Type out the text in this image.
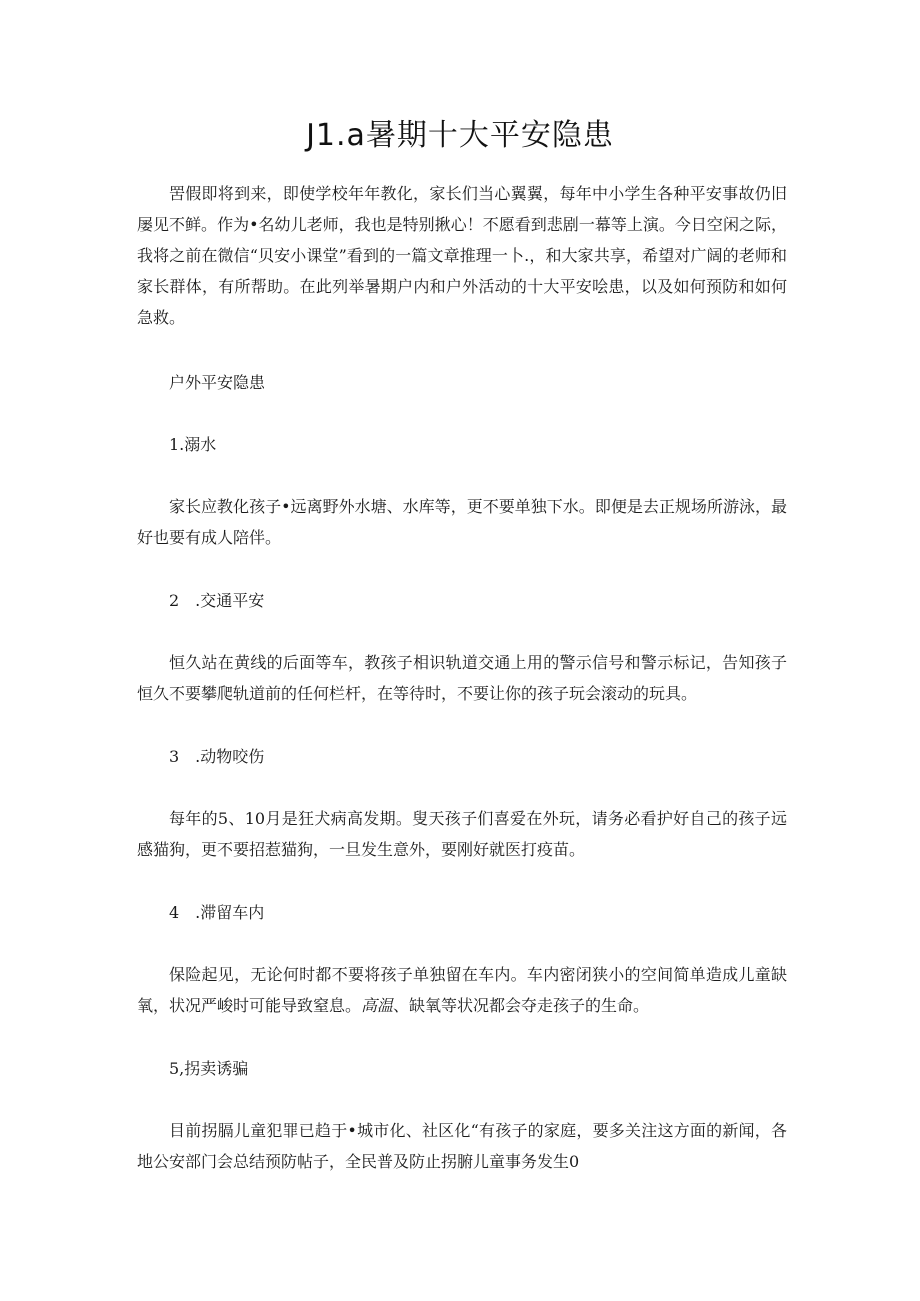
J1.a暑期十大平安隐患

罟假即将到来，即使学校年年教化，家长们当心翼翼，每年中小学生各种平安事故仍旧屡见不鲜。作为•名幼儿老师，我也是特别揪心！不愿看到悲剧一幕等上演。今日空闲之际，我将之前在微信“贝安小课堂”看到的一篇文章推理一卜.，和大家共享，希望对广阔的老师和家长群体，有所帮助。在此列举暑期户内和户外活动的十大平安哙患，以及如何预防和如何急救。

户外平安隐患

1.溺水

家长应教化孩子•远离野外水塘、水库等，更不要单独下水。即便是去正规场所游泳，最好也要有成人陪伴。

2　.交通平安

恒久站在黄线的后面等车，教孩子相识轨道交通上用的警示信号和警示标记，告知孩子恒久不要攀爬轨道前的任何栏杆，在等待时，不要让你的孩子玩会滚动的玩具。

3　.动物咬伤

每年的5、10月是狂犬病高发期。叟天孩子们喜爱在外玩，请务必看护好自己的孩子远感猫狗，更不要招惹猫狗，一旦发生意外，要刚好就医打疫苗。

4　.滞留车内

保险起见，无论何时都不要将孩子单独留在车内。车内密闭狭小的空间简单造成儿童缺氧，状况严峻时可能导致窒息。高温、缺氧等状况都会夺走孩子的生命。

5,拐卖诱骗

目前拐膈儿童犯罪已趋于•城市化、社区化“有孩子的家庭，要多关注这方面的新闻，各地公安部门会总结预防帖子，全民普及防止拐腑儿童事务发生0
